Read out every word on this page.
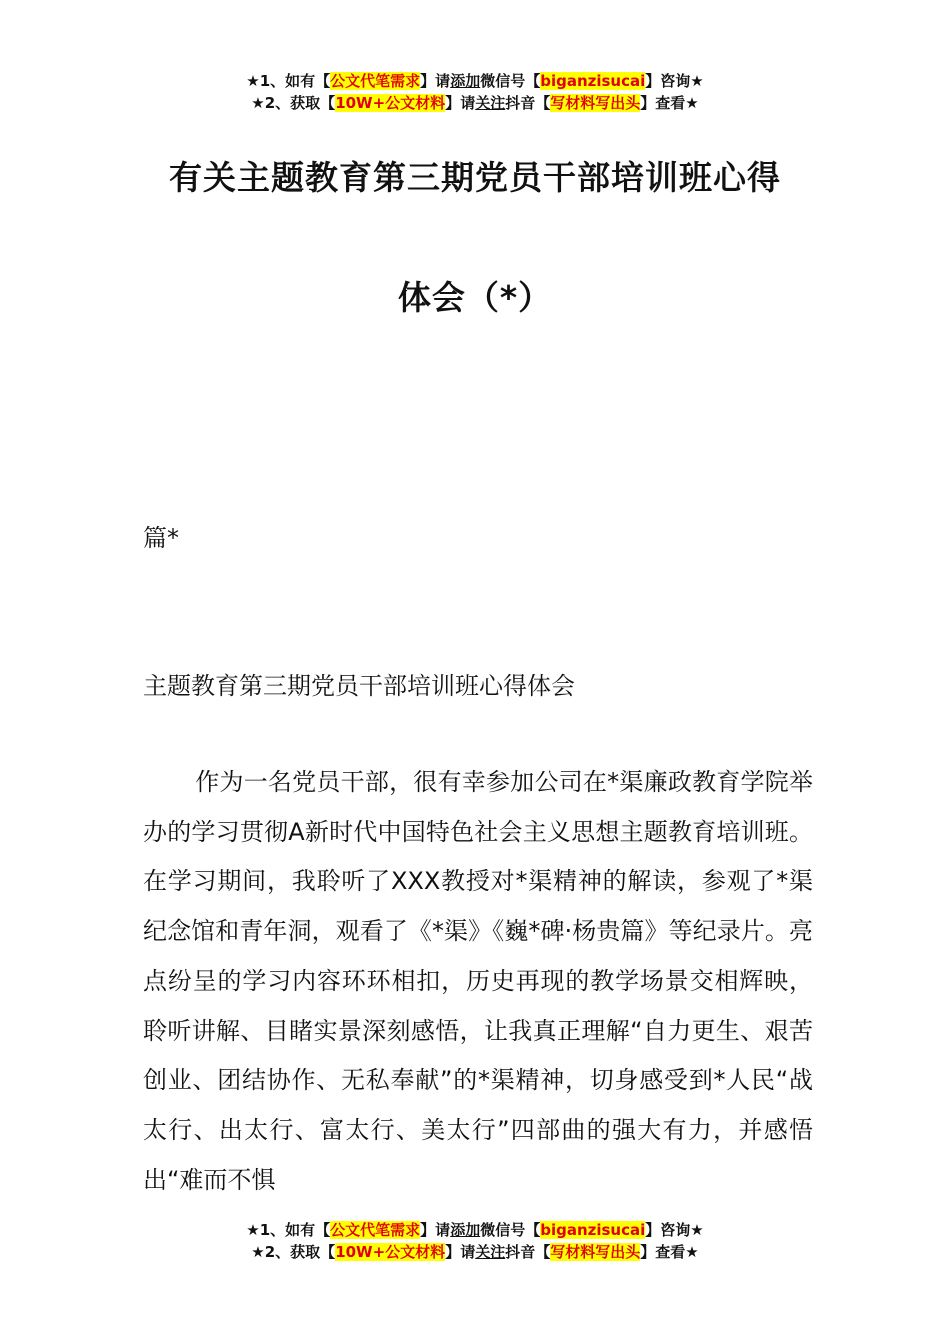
★1、如有【公文代笔需求】请添加微信号【biganzisucai】咨询★
★2、获取【10W+公文材料】请关注抖音【写材料写出头】查看★
有关主题教育第三期党员干部培训班心得
体会（*）
篇*
主题教育第三期党员干部培训班心得体会
作为一名党员干部，很有幸参加公司在*渠廉政教育学院举办的学习贯彻A新时代中国特色社会主义思想主题教育培训班。在学习期间，我聆听了XXX教授对*渠精神的解读，参观了*渠纪念馆和青年洞，观看了《*渠》《巍*碑·杨贵篇》等纪录片。亮点纷呈的学习内容环环相扣，历史再现的教学场景交相辉映，聆听讲解、目睹实景深刻感悟，让我真正理解“自力更生、艰苦创业、团结协作、无私奉献”的*渠精神，切身感受到*人民“战太行、出太行、富太行、美太行”四部曲的强大有力，并感悟出“难而不惧
★1、如有【公文代笔需求】请添加微信号【biganzisucai】咨询★
★2、获取【10W+公文材料】请关注抖音【写材料写出头】查看★
